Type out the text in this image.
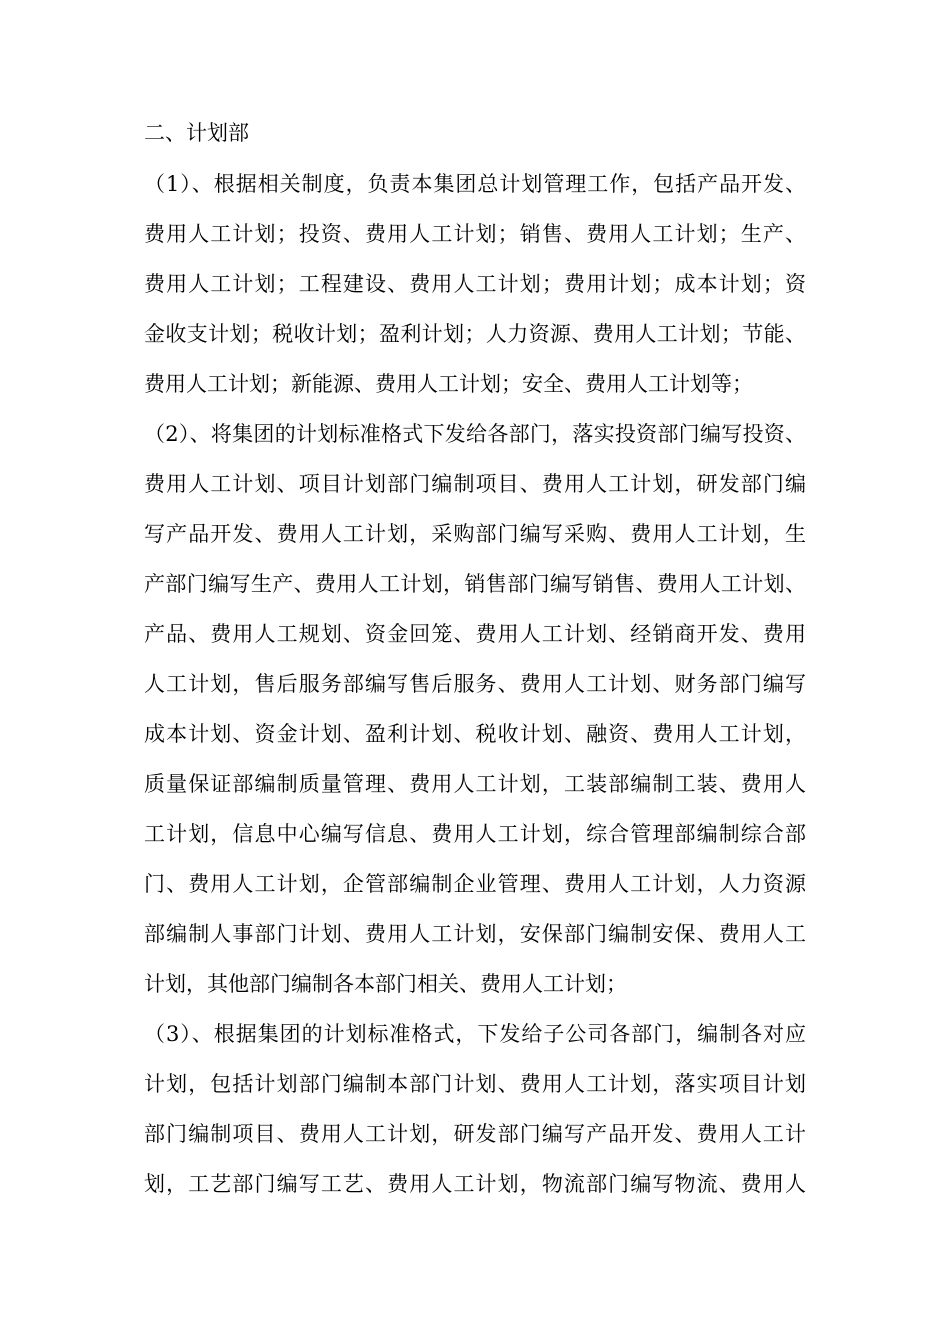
二、计划部
（1）、根据相关制度，负责本集团总计划管理工作，包括产品开发、
费用人工计划；投资、费用人工计划；销售、费用人工计划；生产、
费用人工计划；工程建设、费用人工计划；费用计划；成本计划；资
金收支计划；税收计划；盈利计划；人力资源、费用人工计划；节能、
费用人工计划；新能源、费用人工计划；安全、费用人工计划等；
（2）、将集团的计划标准格式下发给各部门，落实投资部门编写投资、
费用人工计划、项目计划部门编制项目、费用人工计划，研发部门编
写产品开发、费用人工计划，采购部门编写采购、费用人工计划，生
产部门编写生产、费用人工计划，销售部门编写销售、费用人工计划、
产品、费用人工规划、资金回笼、费用人工计划、经销商开发、费用
人工计划，售后服务部编写售后服务、费用人工计划、财务部门编写
成本计划、资金计划、盈利计划、税收计划、融资、费用人工计划，
质量保证部编制质量管理、费用人工计划，工装部编制工装、费用人
工计划，信息中心编写信息、费用人工计划，综合管理部编制综合部
门、费用人工计划，企管部编制企业管理、费用人工计划，人力资源
部编制人事部门计划、费用人工计划，安保部门编制安保、费用人工
计划，其他部门编制各本部门相关、费用人工计划；
（3）、根据集团的计划标准格式，下发给子公司各部门，编制各对应
计划，包括计划部门编制本部门计划、费用人工计划，落实项目计划
部门编制项目、费用人工计划，研发部门编写产品开发、费用人工计
划，工艺部门编写工艺、费用人工计划，物流部门编写物流、费用人
